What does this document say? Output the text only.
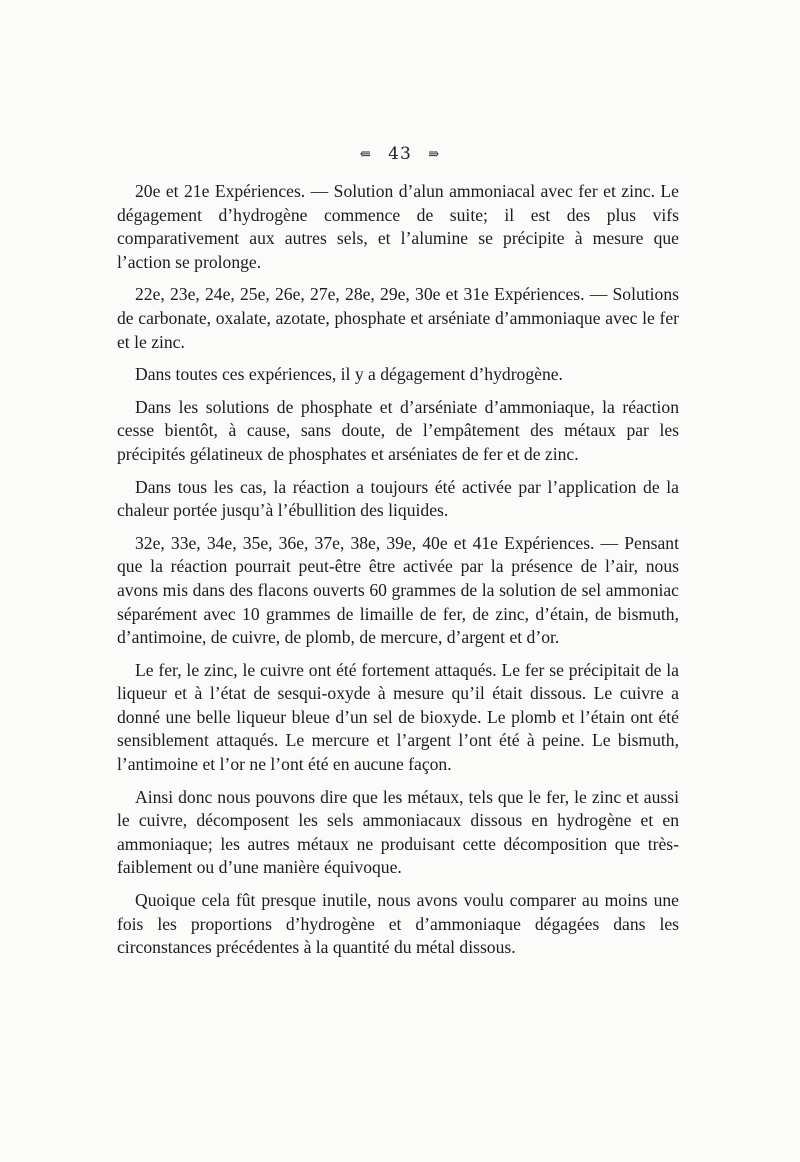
⇚ 43 ⇛

20e et 21e Expériences. — Solution d’alun ammoniacal avec fer et zinc. Le dégagement d’hydrogène commence de suite; il est des plus vifs comparativement aux autres sels, et l’alumine se précipite à mesure que l’action se prolonge.

22e, 23e, 24e, 25e, 26e, 27e, 28e, 29e, 30e et 31e Expériences. — Solutions de carbonate, oxalate, azotate, phosphate et arséniate d’ammoniaque avec le fer et le zinc.

Dans toutes ces expériences, il y a dégagement d’hydrogène.

Dans les solutions de phosphate et d’arséniate d’ammoniaque, la réaction cesse bientôt, à cause, sans doute, de l’empâtement des métaux par les précipités gélatineux de phosphates et arséniates de fer et de zinc.

Dans tous les cas, la réaction a toujours été activée par l’application de la chaleur portée jusqu’à l’ébullition des liquides.

32e, 33e, 34e, 35e, 36e, 37e, 38e, 39e, 40e et 41e Expériences. — Pensant que la réaction pourrait peut-être être activée par la présence de l’air, nous avons mis dans des flacons ouverts 60 grammes de la solution de sel ammoniac séparément avec 10 grammes de limaille de fer, de zinc, d’étain, de bismuth, d’antimoine, de cuivre, de plomb, de mercure, d’argent et d’or.

Le fer, le zinc, le cuivre ont été fortement attaqués. Le fer se précipitait de la liqueur et à l’état de sesqui-oxyde à mesure qu’il était dissous. Le cuivre a donné une belle liqueur bleue d’un sel de bioxyde. Le plomb et l’étain ont été sensiblement attaqués. Le mercure et l’argent l’ont été à peine. Le bismuth, l’antimoine et l’or ne l’ont été en aucune façon.

Ainsi donc nous pouvons dire que les métaux, tels que le fer, le zinc et aussi le cuivre, décomposent les sels ammoniacaux dissous en hydrogène et en ammoniaque; les autres métaux ne produisant cette décomposition que très-faiblement ou d’une manière équivoque.

Quoique cela fût presque inutile, nous avons voulu comparer au moins une fois les proportions d’hydrogène et d’ammoniaque dégagées dans les circonstances précédentes à la quantité du métal dissous.
